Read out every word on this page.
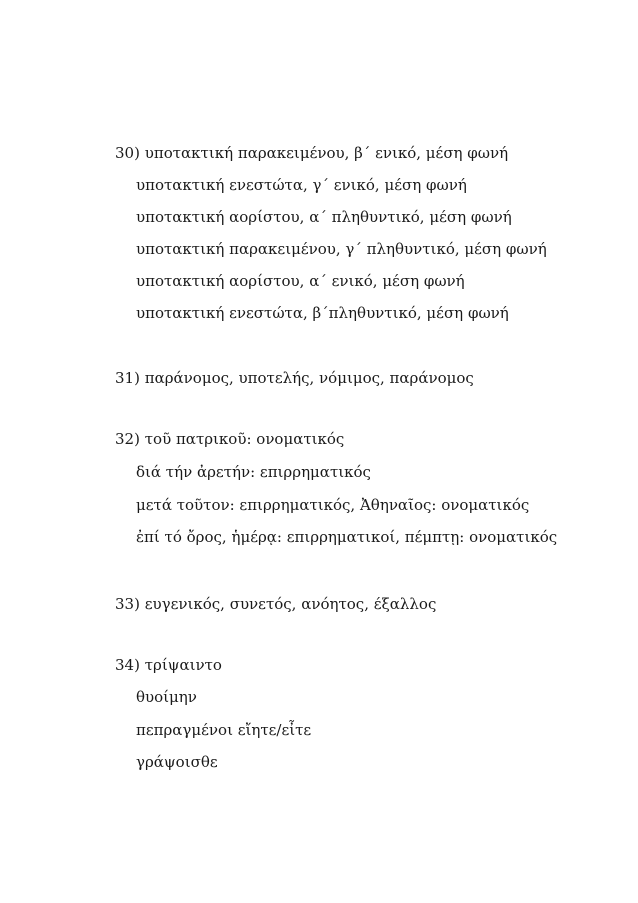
30) υποτακτική παρακειμένου, β΄ ενικό, μέση φωνή
υποτακτική ενεστώτα, γ΄ ενικό, μέση φωνή
υποτακτική αορίστου, α΄ πληθυντικό, μέση φωνή
υποτακτική παρακειμένου, γ΄ πληθυντικό, μέση φωνή
υποτακτική αορίστου, α΄ ενικό, μέση φωνή
υποτακτική ενεστώτα, β΄πληθυντικό, μέση φωνή
31) παράνομος, υποτελής, νόμιμος, παράνομος
32) τοῦ πατρικοῦ: ονοματικός
διά τήν ἀρετήν: επιρρηματικός
μετά τοῦτον: επιρρηματικός, Ἀθηναῖος: ονοματικός
ἐπί τό ὄρος, ἡμέρᾳ: επιρρηματικοί, πέμπτῃ: ονοματικός
33) ευγενικός, συνετός, ανόητος, έξαλλος
34) τρίψαιντο
θυοίμην
πεπραγμένοι εἴητε/εἶτε
γράψοισθε
